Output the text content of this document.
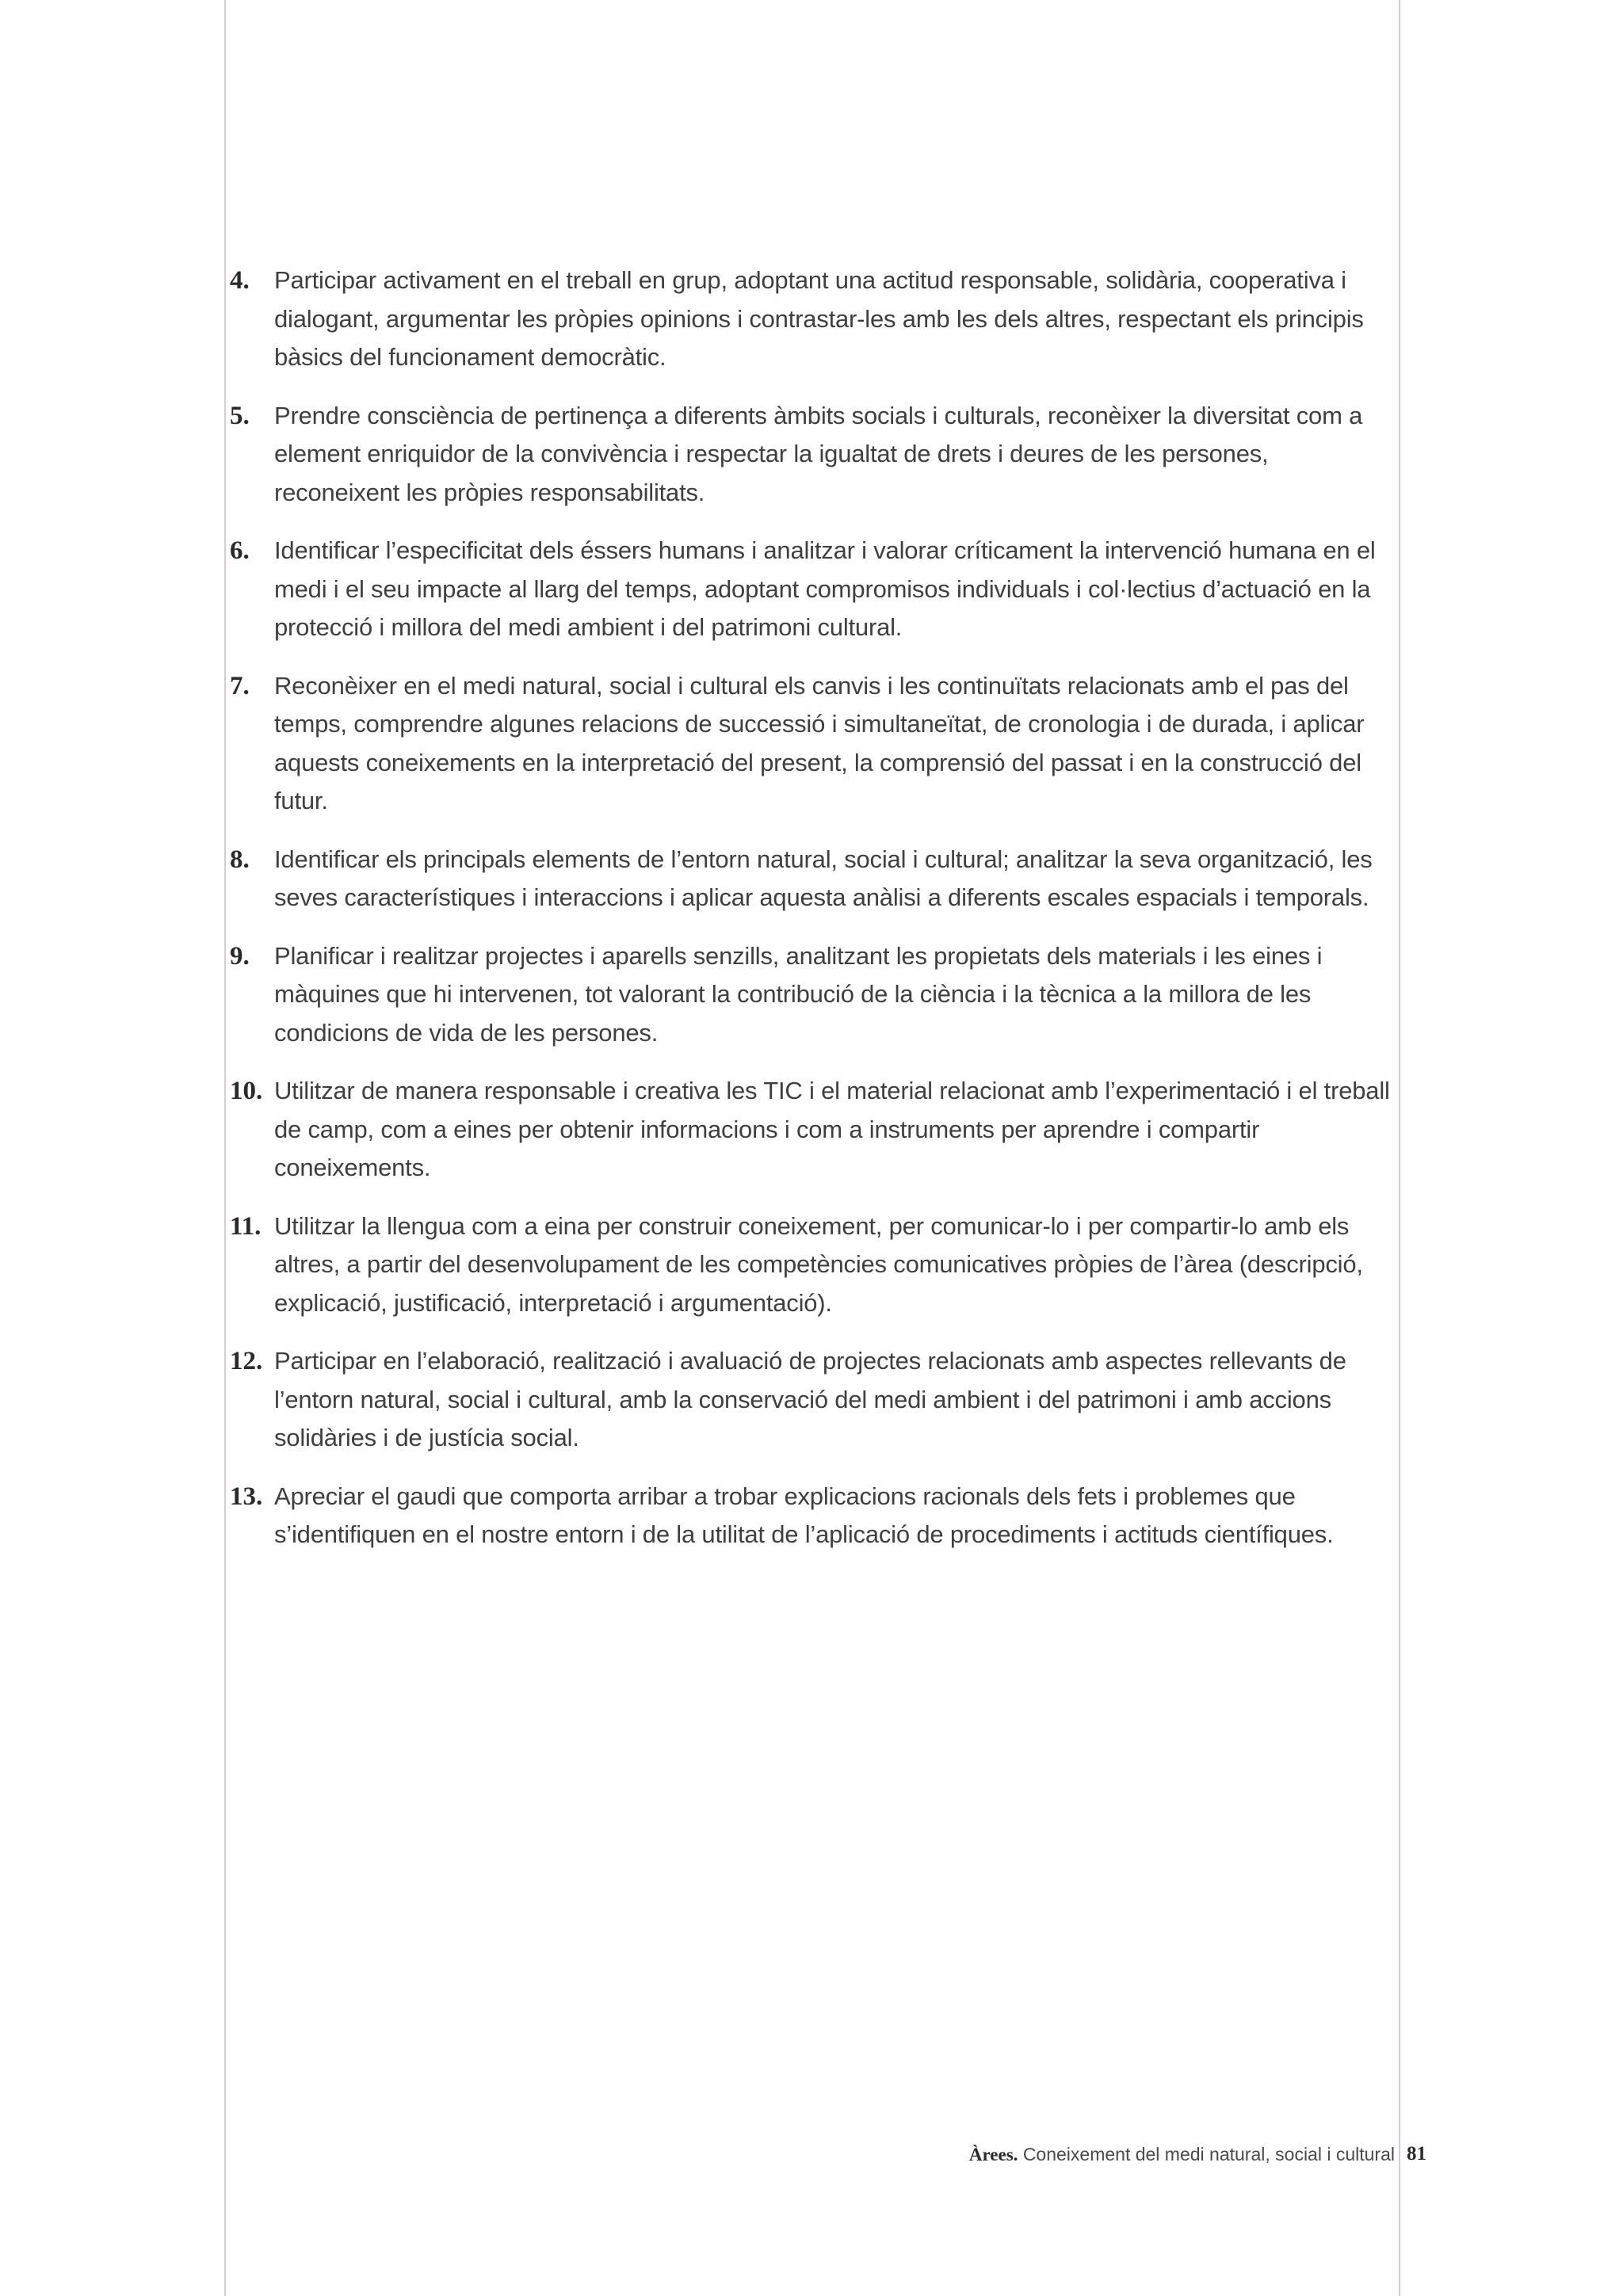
4.	Participar activament en el treball en grup, adoptant una actitud responsable, solidària, cooperativa i dialogant, argumentar les pròpies opinions i contrastar-les amb les dels altres, respectant els principis bàsics del funcionament democràtic.
5.	Prendre consciència de pertinença a diferents àmbits socials i culturals, reconèixer la diversitat com a element enriquidor de la convivència i respectar la igualtat de drets i deures de les persones, reconeixent les pròpies responsabilitats.
6.	Identificar l’especificitat dels éssers humans i analitzar i valorar críticament la intervenció humana en el medi i el seu impacte al llarg del temps, adoptant compromisos individuals i col·lectius d’actuació en la protecció i millora del medi ambient i del patrimoni cultural.
7.	Reconèixer en el medi natural, social i cultural els canvis i les continuïtats relacionats amb el pas del temps, comprendre algunes relacions de successió i simultaneïtat, de cronologia i de durada, i aplicar aquests coneixements en la interpretació del present, la comprensió del passat i en la construcció del futur.
8.	Identificar els principals elements de l’entorn natural, social i cultural; analitzar la seva organització, les seves característiques i interaccions i aplicar aquesta anàlisi a diferents escales espacials i temporals.
9.	Planificar i realitzar projectes i aparells senzills, analitzant les propietats dels materials i les eines i màquines que hi intervenen, tot valorant la contribució de la ciència i la tècnica a la millora de les condicions de vida de les persones.
10. Utilitzar de manera responsable i creativa les TIC i el material relacionat amb l’experimentació i el treball de camp, com a eines per obtenir informacions i com a instruments per aprendre i compartir coneixements.
11. Utilitzar la llengua com a eina per construir coneixement, per comunicar-lo i per compartir-lo amb els altres, a partir del desenvolupament de les competències comunicatives pròpies de l’àrea (descripció, explicació, justificació, interpretació i argumentació).
12. Participar en l’elaboració, realització i avaluació de projectes relacionats amb aspectes rellevants de l’entorn natural, social i cultural, amb la conservació del medi ambient i del patrimoni i amb accions solidàries i de justícia social.
13. Apreciar el gaudi que comporta arribar a trobar explicacions racionals dels fets i problemes que s’identifiquen en el nostre entorn i de la utilitat de l’aplicació de procediments i actituds científiques.
Àrees. Coneixement del medi natural, social i cultural 81
